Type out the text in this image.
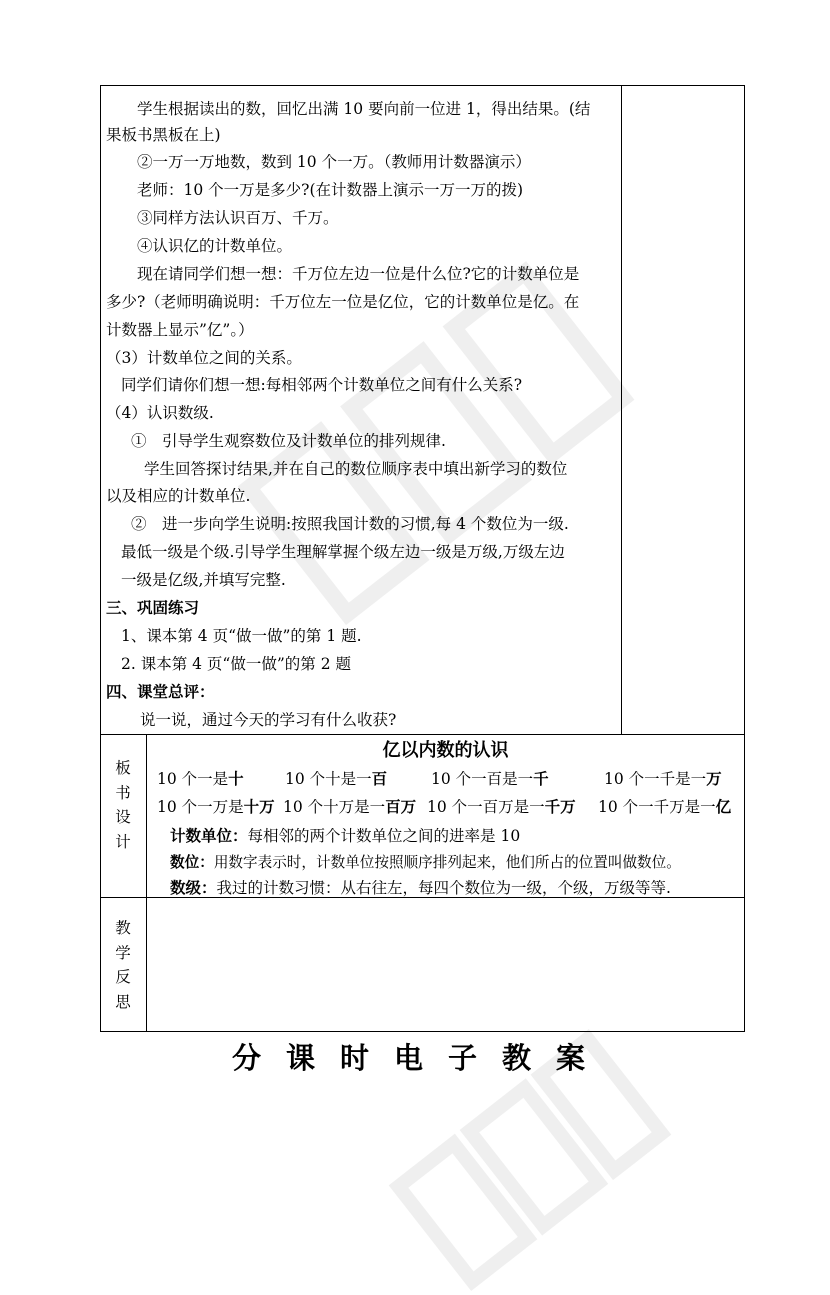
学生根据读出的数，回忆出满 10 要向前一位进 1，得出结果。(结
果板书黑板在上)
②一万一万地数，数到 10 个一万。（教师用计数器演示）
老师：10 个一万是多少?(在计数器上演示一万一万的拨)
③同样方法认识百万、千万。
④认识亿的计数单位。
现在请同学们想一想：千万位左边一位是什么位?它的计数单位是
多少?（老师明确说明：千万位左一位是亿位，它的计数单位是亿。在
计数器上显示”亿”。）
（3）计数单位之间的关系。
同学们请你们想一想:每相邻两个计数单位之间有什么关系?
（4）认识数级.
①　引导学生观察数位及计数单位的排列规律.
学生回答探讨结果,并在自己的数位顺序表中填出新学习的数位
以及相应的计数单位.
②　进一步向学生说明:按照我国计数的习惯,每 4 个数位为一级.
最低一级是个级.引导学生理解掌握个级左边一级是万级,万级左边
一级是亿级,并填写完整.
三、巩固练习
1、课本第 4 页“做一做”的第 1 题.
2. 课本第 4 页“做一做”的第 2 题
四、课堂总评：
说一说，通过今天的学习有什么收获?
板
书
设
计
亿以内数的认识
10 个一是十	10 个十是一百	10 个一百是一千	10 个一千是一万
10 个一万是十万 10 个十万是一百万 10 个一百万是一千万 10 个一千万是一亿
计数单位：每相邻的两个计数单位之间的进率是 10
数位：用数字表示时，计数单位按照顺序排列起来，他们所占的位置叫做数位。
数级：我过的计数习惯：从右往左，每四个数位为一级，个级，万级等等.
教
学
反
思
分课时电子教案
